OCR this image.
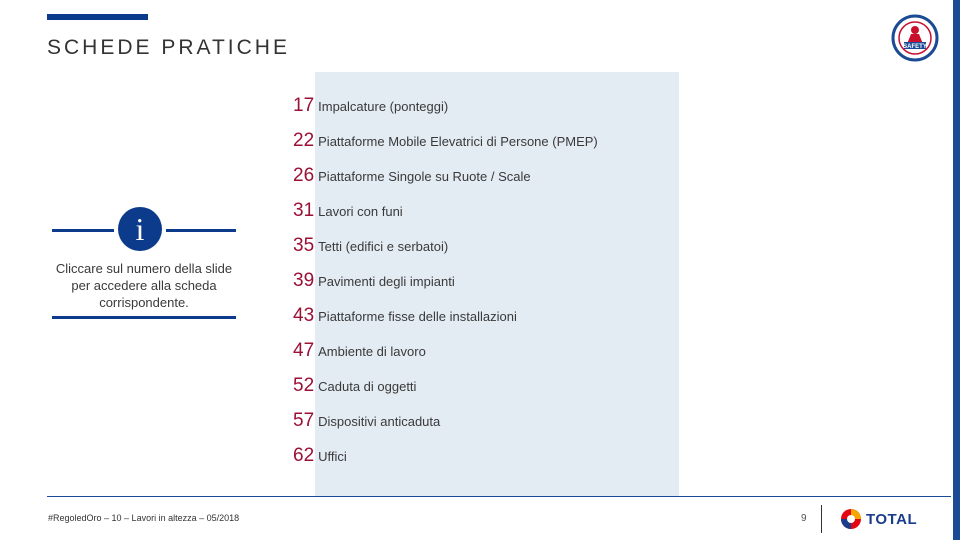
SCHEDE PRATICHE	SAFETY
17 Impalcature (ponteggi)
22 Piattaforme Mobile Elevatrici di Persone (PMEP)
26 Piattaforme Singole su Ruote / Scale
31 Lavori con funi
35 Tetti (edifici e serbatoi)
39 Pavimenti degli impianti
43 Piattaforme fisse delle installazioni
47 Ambiente di lavoro
52 Caduta di oggetti
57 Dispositivi anticaduta
62 Uffici
i
Cliccare sul numero della slide per accedere alla scheda corrispondente.
#RegoledOro – 10 – Lavori in altezza – 05/2018	9	TOTAL
